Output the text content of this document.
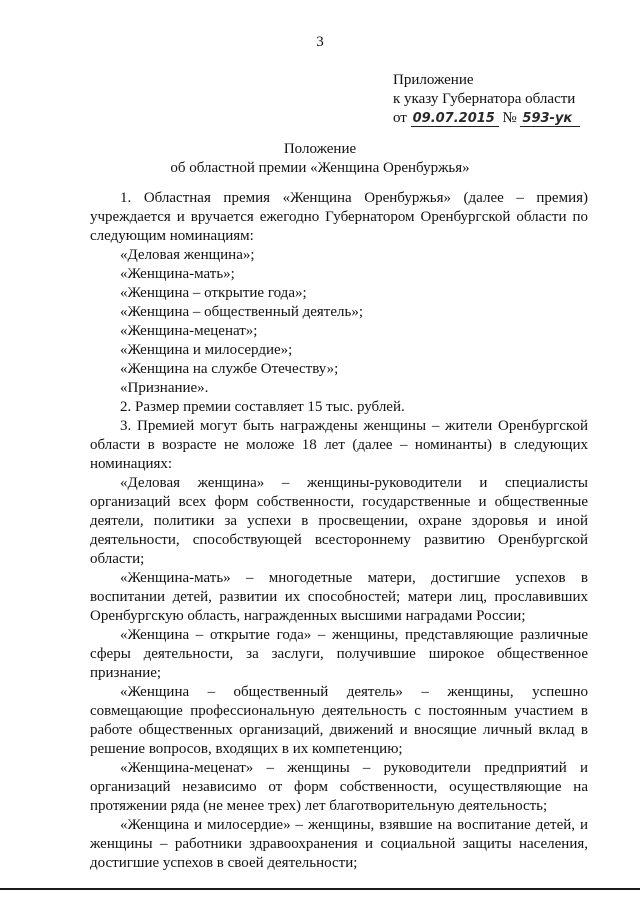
3
Приложение
к указу Губернатора области
от 09.07.2015 № 593-ук
Положение
об областной премии «Женщина Оренбуржья»

1. Областная премия «Женщина Оренбуржья» (далее – премия) учреждается и вручается ежегодно Губернатором Оренбургской области по следующим номинациям:

«Деловая женщина»;

«Женщина-мать»;

«Женщина – открытие года»;

«Женщина – общественный деятель»;

«Женщина-меценат»;

«Женщина и милосердие»;

«Женщина на службе Отечеству»;

«Признание».

2. Размер премии составляет 15 тыс. рублей.

3. Премией могут быть награждены женщины – жители Оренбургской области в возрасте не моложе 18 лет (далее – номинанты) в следующих номинациях:

«Деловая женщина» – женщины-руководители и специалисты организаций всех форм собственности, государственные и общественные деятели, политики за успехи в просвещении, охране здоровья и иной деятельности, способствующей всестороннему развитию Оренбургской области;

«Женщина-мать» – многодетные матери, достигшие успехов в воспитании детей, развитии их способностей; матери лиц, прославивших Оренбургскую область, награжденных высшими наградами России;

«Женщина – открытие года» – женщины, представляющие различные сферы деятельности, за заслуги, получившие широкое общественное признание;

«Женщина – общественный деятель» – женщины, успешно совмещающие профессиональную деятельность с постоянным участием в работе общественных организаций, движений и вносящие личный вклад в решение вопросов, входящих в их компетенцию;

«Женщина-меценат» – женщины – руководители предприятий и организаций независимо от форм собственности, осуществляющие на протяжении ряда (не менее трех) лет благотворительную деятельность;

«Женщина и милосердие» – женщины, взявшие на воспитание детей, и женщины – работники здравоохранения и социальной защиты населения, достигшие успехов в своей деятельности;
